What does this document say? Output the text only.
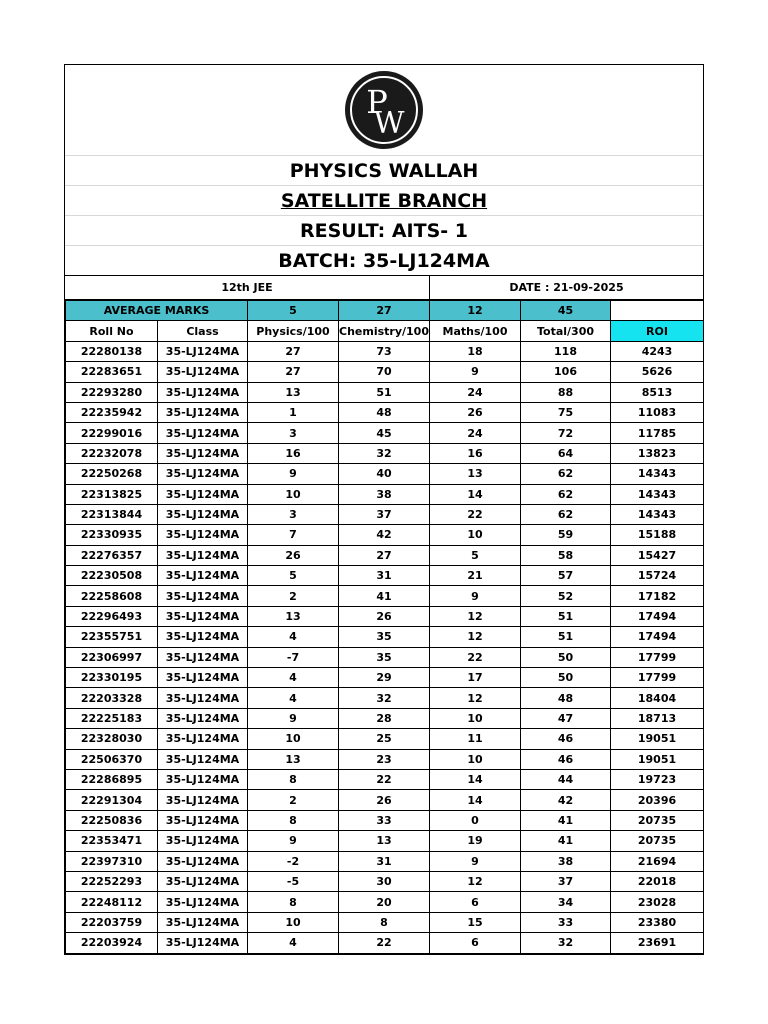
P
W
PHYSICS WALLAH
SATELLITE BRANCH
RESULT: AITS- 1
BATCH: 35-LJ124MA
12th JEE	DATE : 21-09-2025
AVERAGE MARKS		5	27	12	45	
Roll No	Class	Physics/100	Chemistry/100	Maths/100	Total/300	ROI
22280138	35-LJ124MA	27	73	18	118	4243
22283651	35-LJ124MA	27	70	9	106	5626
22293280	35-LJ124MA	13	51	24	88	8513
22235942	35-LJ124MA	1	48	26	75	11083
22299016	35-LJ124MA	3	45	24	72	11785
22232078	35-LJ124MA	16	32	16	64	13823
22250268	35-LJ124MA	9	40	13	62	14343
22313825	35-LJ124MA	10	38	14	62	14343
22313844	35-LJ124MA	3	37	22	62	14343
22330935	35-LJ124MA	7	42	10	59	15188
22276357	35-LJ124MA	26	27	5	58	15427
22230508	35-LJ124MA	5	31	21	57	15724
22258608	35-LJ124MA	2	41	9	52	17182
22296493	35-LJ124MA	13	26	12	51	17494
22355751	35-LJ124MA	4	35	12	51	17494
22306997	35-LJ124MA	-7	35	22	50	17799
22330195	35-LJ124MA	4	29	17	50	17799
22203328	35-LJ124MA	4	32	12	48	18404
22225183	35-LJ124MA	9	28	10	47	18713
22328030	35-LJ124MA	10	25	11	46	19051
22506370	35-LJ124MA	13	23	10	46	19051
22286895	35-LJ124MA	8	22	14	44	19723
22291304	35-LJ124MA	2	26	14	42	20396
22250836	35-LJ124MA	8	33	0	41	20735
22353471	35-LJ124MA	9	13	19	41	20735
22397310	35-LJ124MA	-2	31	9	38	21694
22252293	35-LJ124MA	-5	30	12	37	22018
22248112	35-LJ124MA	8	20	6	34	23028
22203759	35-LJ124MA	10	8	15	33	23380
22203924	35-LJ124MA	4	22	6	32	23691
